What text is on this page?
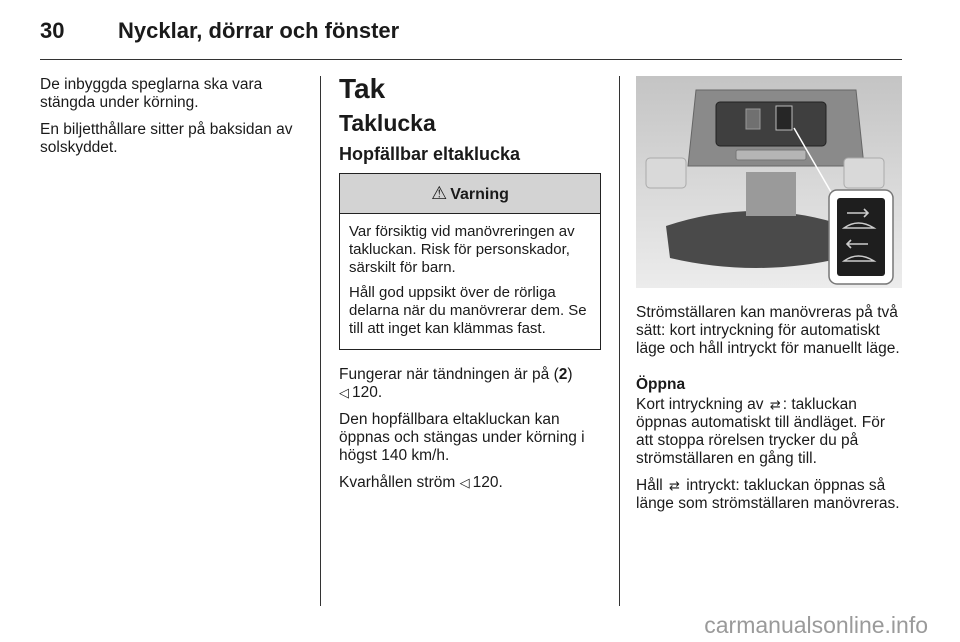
30 Nycklar, dörrar och fönster

De inbyggda speglarna ska vara stängda under körning.

En biljetthållare sitter på baksidan av solskyddet.

Tak
Taklucka
Hopfällbar eltaklucka
⚠ Varning

Var försiktig vid manövreringen av takluckan. Risk för personskador, särskilt för barn.

Håll god uppsikt över de rörliga delarna när du manövrerar dem. Se till att inget kan klämmas fast.

Fungerar när tändningen är på (2)
◁ 120.

Den hopfällbara eltakluckan kan öppnas och stängas under körning i högst 140 km/h.

Kvarhållen ström ◁ 120.

Strömställaren kan manövreras på två sätt: kort intryckning för automatiskt läge och håll intryckt för manuellt läge.

Öppna

Kort intryckning av ⇄ : takluckan öppnas automatiskt till ändläget. För att stoppa rörelsen trycker du på strömställaren en gång till.

Håll ⇄ intryckt: takluckan öppnas så länge som strömställaren manövreras.

carmanualsonline.info
